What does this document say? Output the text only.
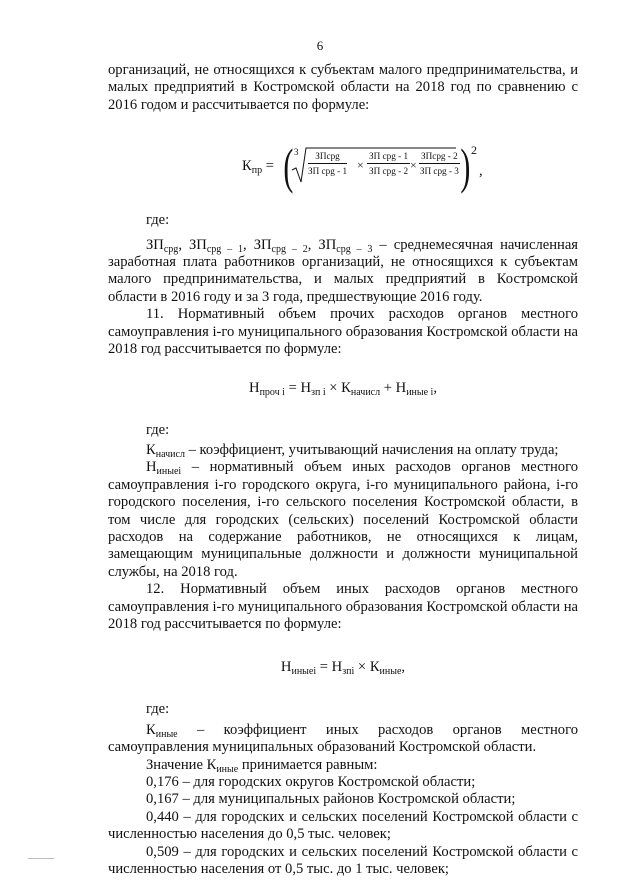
6

организаций, не относящихся к субъектам малого предпринимательства, и малых предприятий в Костромской области на 2018 год по сравнению с 2016 годом и рассчитывается по формуле:

$К_{пр}$ = ( 3	ЗПсрg
ЗП срg - 1 ×
ЗП срg - 1
ЗП срg - 2 ×
ЗПсрg - 2
ЗП срg - 3 ) 2
,

где:

$ЗП_{срg}$, $ЗП_{срg - 1}$, $ЗП_{срg - 2}$, $ЗП_{срg - 3}$ – среднемесячная начисленная заработная плата работников организаций, не относящихся к субъектам малого предпринимательства, и малых предприятий в Костромской области в 2016 году и за 3 года, предшествующие 2016 году.

11. Нормативный объем прочих расходов органов местного самоуправления i-го муниципального образования Костромской области на 2018 год рассчитывается по формуле:

$Н_{проч i} = Н_{зп i} \times К_{начисл} + Н_{иные i}$,

где:

$К_{начисл}$ – коэффициент, учитывающий начисления на оплату труда;

$Н_{иныеi}$ – нормативный объем иных расходов органов местного самоуправления i-го городского округа, i-го муниципального района, i-го городского поселения, i-го сельского поселения Костромской области, в том числе для городских (сельских) поселений Костромской области расходов на содержание работников, не относящихся к лицам, замещающим муниципальные должности и должности муниципальной службы, на 2018 год.

12. Нормативный объем иных расходов органов местного самоуправления i-го муниципального образования Костромской области на 2018 год рассчитывается по формуле:

$Н_{иныеi} = Н_{зпi} \times К_{иные}$,

где:

$К_{иные}$ – коэффициент иных расходов органов местного самоуправления муниципальных образований Костромской области.

Значение $К_{иные}$ принимается равным:

0,176 – для городских округов Костромской области;

0,167 – для муниципальных районов Костромской области;

0,440 – для городских и сельских поселений Костромской области с численностью населения до 0,5 тыс. человек;

0,509 – для городских и сельских поселений Костромской области с численностью населения от 0,5 тыс. до 1 тыс. человек;
